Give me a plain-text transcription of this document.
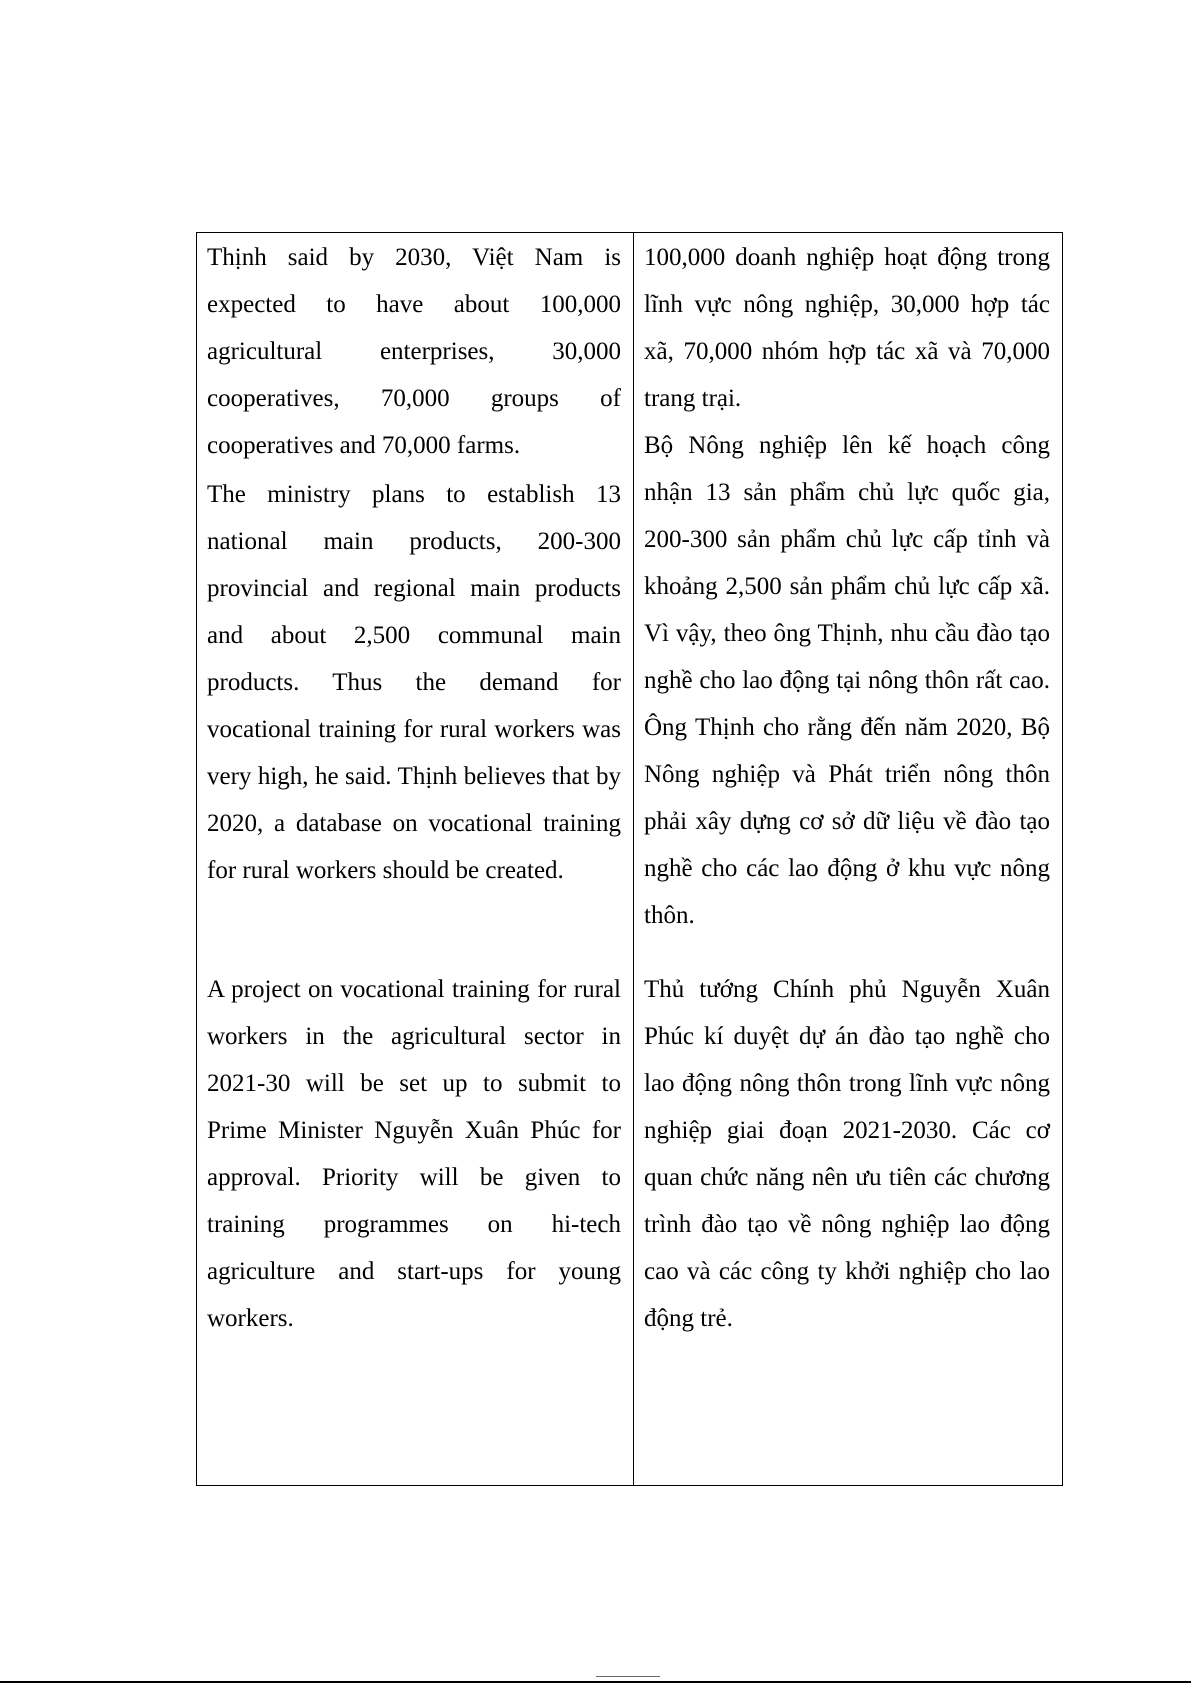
Thịnh said by 2030, Việt Nam is expected to have about 100,000 agricultural enterprises, 30,000 cooperatives, 70,000 groups of cooperatives and 70,000 farms.

The ministry plans to establish 13 national main products, 200-300 provincial and regional main products and about 2,500 communal main products. Thus the demand for vocational training for rural workers was very high, he said. Thịnh believes that by 2020, a database on vocational training for rural workers should be created.

A project on vocational training for rural workers in the agricultural sector in 2021-30 will be set up to submit to Prime Minister Nguyễn Xuân Phúc for approval. Priority will be given to training programmes on hi-tech agriculture and start-ups for young workers.

100,000 doanh nghiệp hoạt động trong lĩnh vực nông nghiệp, 30,000 hợp tác xã, 70,000 nhóm hợp tác xã và 70,000 trang trại.

Bộ Nông nghiệp lên kế hoạch công nhận 13 sản phẩm chủ lực quốc gia, 200-300 sản phẩm chủ lực cấp tỉnh và khoảng 2,500 sản phẩm chủ lực cấp xã. Vì vậy, theo ông Thịnh, nhu cầu đào tạo nghề cho lao động tại nông thôn rất cao. Ông Thịnh cho rằng đến năm 2020, Bộ Nông nghiệp và Phát triển nông thôn phải xây dựng cơ sở dữ liệu về đào tạo nghề cho các lao động ở khu vực nông thôn.

Thủ tướng Chính phủ Nguyễn Xuân Phúc kí duyệt dự án đào tạo nghề cho lao động nông thôn trong lĩnh vực nông nghiệp giai đoạn 2021-2030. Các cơ quan chức năng nên ưu tiên các chương trình đào tạo về nông nghiệp lao động cao và các công ty khởi nghiệp cho lao động trẻ.
